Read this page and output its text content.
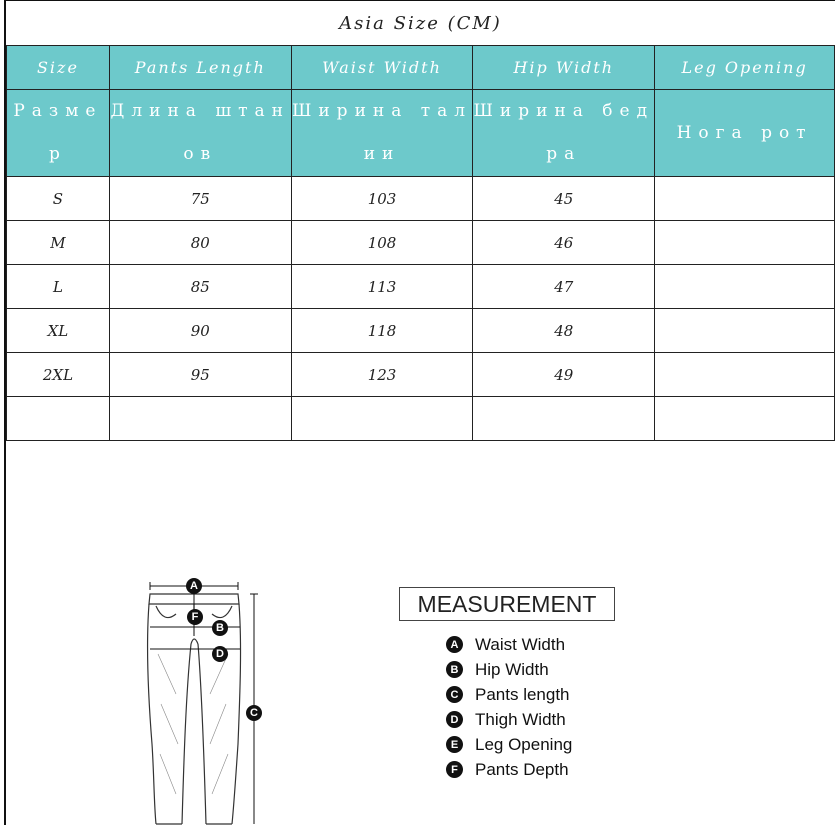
Asia Size (CM)
Size	Pants Length	Waist Width	Hip Width	Leg Opening
Размер	Длина штанов	Ширина талии	Ширина бедра	Нога рот
S	75	103	45	
M	80	108	46	
L	85	113	47	
XL	90	118	48	
2XL	95	123	49	

A
F
B
D
C
MEASUREMENT
A Waist Width
B Hip Width
C Pants length
D Thigh Width
E Leg Opening
F	Pants Depth
